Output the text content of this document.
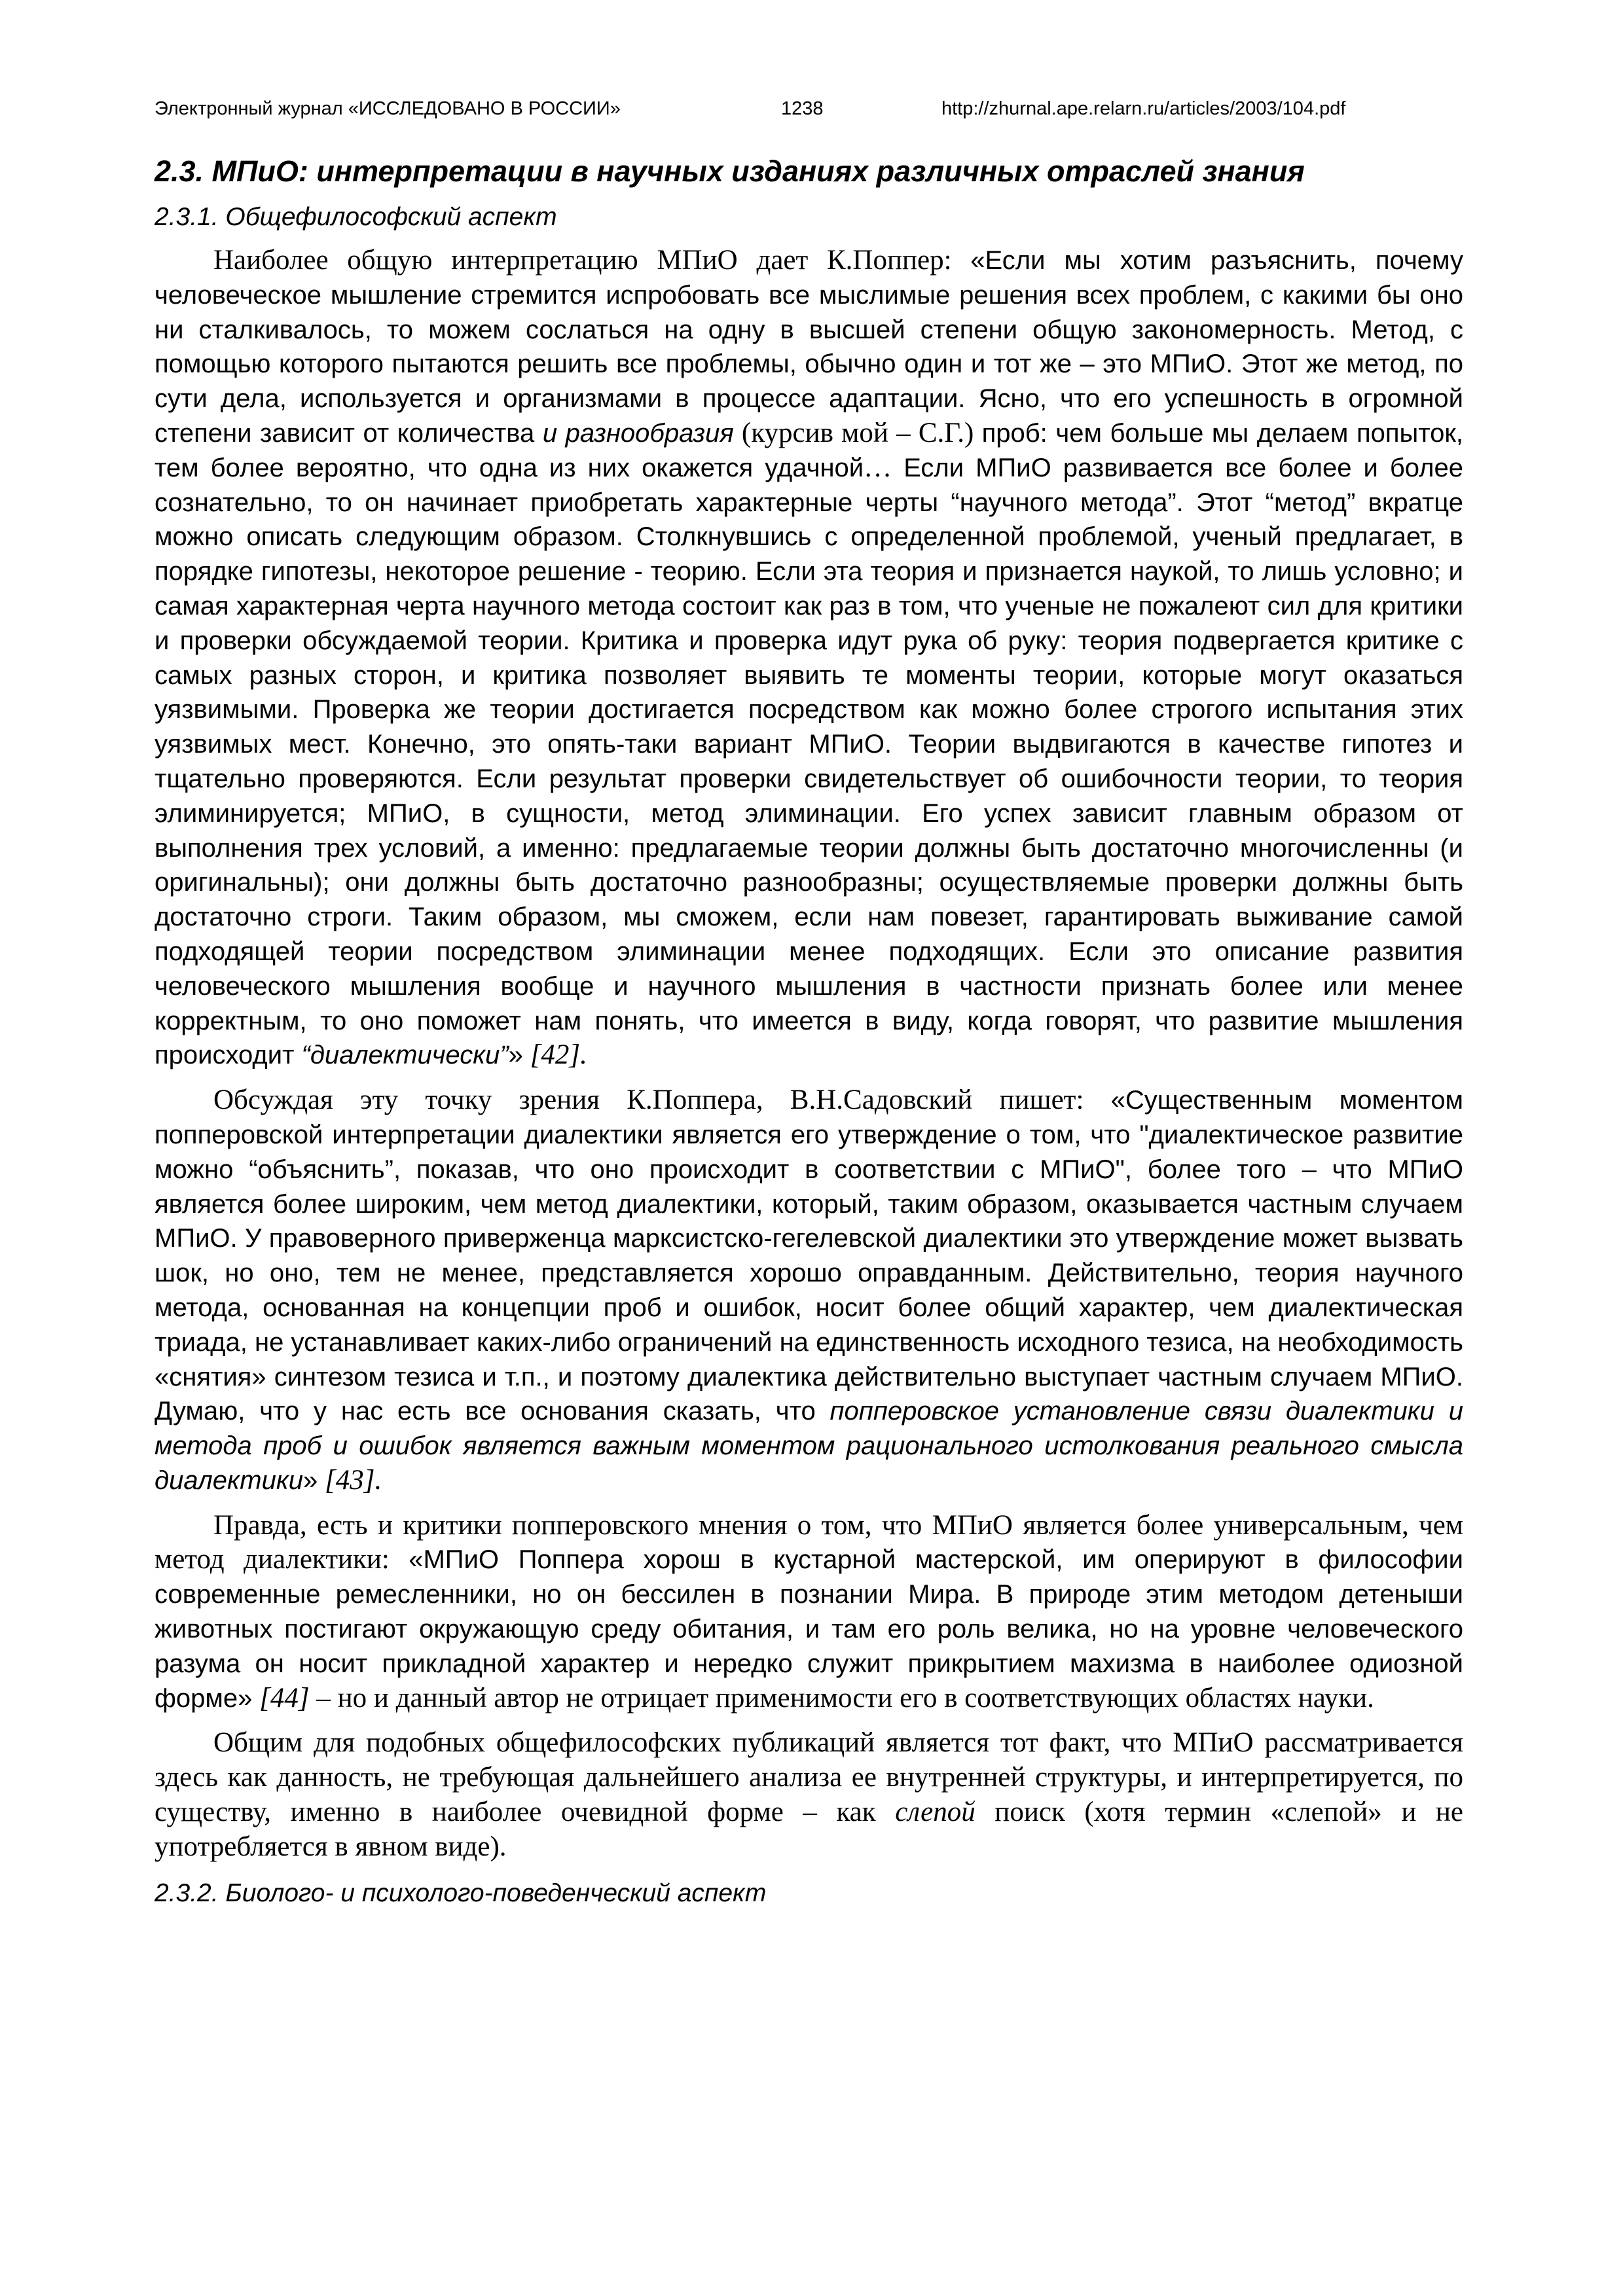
Электронный журнал «ИССЛЕДОВАНО В РОССИИ»	1238	http://zhurnal.ape.relarn.ru/articles/2003/104.pdf
2.3. МПиО: интерпретации в научных изданиях различных отраслей знания
2.3.1. Общефилософский аспект

Наиболее общую интерпретацию МПиО дает К.Поппер: «Если мы хотим разъяснить, почему человеческое мышление стремится испробовать все мыслимые решения всех проблем, с какими бы оно ни сталкивалось, то можем сослаться на одну в высшей степени общую закономерность. Метод, с помощью которого пытаются решить все проблемы, обычно один и тот же – это МПиО. Этот же метод, по сути дела, используется и организмами в процессе адаптации. Ясно, что его успешность в огромной степени зависит от количества и разнообразия (курсив мой – С.Г.) проб: чем больше мы делаем попыток, тем более вероятно, что одна из них окажется удачной… Если МПиО развивается все более и более сознательно, то он начинает приобретать характерные черты “научного метода”. Этот “метод” вкратце можно описать следующим образом. Столкнувшись с определенной проблемой, ученый предлагает, в порядке гипотезы, некоторое решение - теорию. Если эта теория и признается наукой, то лишь условно; и самая характерная черта научного метода состоит как раз в том, что ученые не пожалеют сил для критики и проверки обсуждаемой теории. Критика и проверка идут рука об руку: теория подвергается критике с самых разных сторон, и критика позволяет выявить те моменты теории, которые могут оказаться уязвимыми. Проверка же теории достигается посредством как можно более строгого испытания этих уязвимых мест. Конечно, это опять-таки вариант МПиО. Теории выдвигаются в качестве гипотез и тщательно проверяются. Если результат проверки свидетельствует об ошибочности теории, то теория элиминируется; МПиО, в сущности, метод элиминации. Его успех зависит главным образом от выполнения трех условий, а именно: предлагаемые теории должны быть достаточно многочисленны (и оригинальны); они должны быть достаточно разнообразны; осуществляемые проверки должны быть достаточно строги. Таким образом, мы сможем, если нам повезет, гарантировать выживание самой подходящей теории посредством элиминации менее подходящих. Если это описание развития человеческого мышления вообще и научного мышления в частности признать более или менее корректным, то оно поможет нам понять, что имеется в виду, когда говорят, что развитие мышления происходит “диалектически”» [42].

Обсуждая эту точку зрения К.Поппера, В.Н.Садовский пишет: «Существенным моментом попперовской интерпретации диалектики является его утверждение о том, что "диалектическое развитие можно “объяснить”, показав, что оно происходит в соответствии с МПиО", более того – что МПиО является более широким, чем метод диалектики, который, таким образом, оказывается частным случаем МПиО. У правоверного приверженца марксистско-гегелевской диалектики это утверждение может вызвать шок, но оно, тем не менее, представляется хорошо оправданным. Действительно, теория научного метода, основанная на концепции проб и ошибок, носит более общий характер, чем диалектическая триада, не устанавливает каких-либо ограничений на единственность исходного тезиса, на необходимость «снятия» синтезом тезиса и т.п., и поэтому диалектика действительно выступает частным случаем МПиО. Думаю, что у нас есть все основания сказать, что попперовское установление связи диалектики и метода проб и ошибок является важным моментом рационального истолкования реального смысла диалектики» [43].

Правда, есть и критики попперовского мнения о том, что МПиО является более универсальным, чем метод диалектики: «МПиО Поппера хорош в кустарной мастерской, им оперируют в философии современные ремесленники, но он бессилен в познании Мира. В природе этим методом детеныши животных постигают окружающую среду обитания, и там его роль велика, но на уровне человеческого разума он носит прикладной характер и нередко служит прикрытием махизма в наиболее одиозной форме» [44] – но и данный автор не отрицает применимости его в соответствующих областях науки.

Общим для подобных общефилософских публикаций является тот факт, что МПиО рассматривается здесь как данность, не требующая дальнейшего анализа ее внутренней структуры, и интерпретируется, по существу, именно в наиболее очевидной форме – как слепой поиск (хотя термин «слепой» и не употребляется в явном виде).

2.3.2. Биолого- и психолого-поведенческий аспект
